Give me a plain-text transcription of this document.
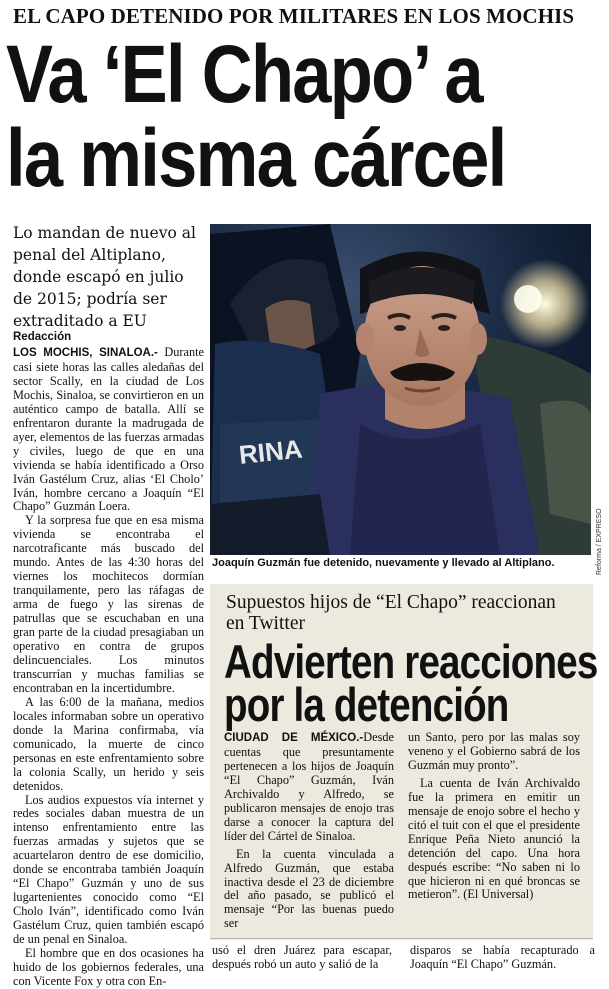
EL CAPO DETENIDO POR MILITARES EN LOS MOCHIS
Va ‘El Chapo’ a
la misma cárcel
Lo mandan de nuevo al penal del Altiplano, donde escapó en julio de 2015; podría ser extraditado a EU
Redacción

LOS MOCHIS, SINALOA.- Durante casi siete horas las calles aledañas del sector Scally, en la ciudad de Los Mochis, Sinaloa, se convirtieron en un auténtico campo de batalla. Allí se enfrentaron durante la madrugada de ayer, elementos de las fuerzas armadas y civiles, luego de que en una vivienda se había identificado a Orso Iván Gastélum Cruz, alias ‘El Cholo’ Iván, hombre cercano a Joaquín “El Chapo” Guzmán Loera.

Y la sorpresa fue que en esa misma vivienda se encontraba el narcotraficante más buscado del mundo. Antes de las 4:30 horas del viernes los mochitecos dormían tranquilamente, pero las ráfagas de arma de fuego y las sirenas de patrullas que se escuchaban en una gran parte de la ciudad presagiaban un operativo en contra de grupos delincuenciales. Los minutos transcurrían y muchas familias se encontraban en la incertidumbre.

A las 6:00 de la mañana, medios locales informaban sobre un operativo donde la Marina confirmaba, vía comunicado, la muerte de cinco personas en este enfrentamiento sobre la colonia Scally, un herido y seis detenidos.

Los audios expuestos vía internet y redes sociales daban muestra de un intenso enfrentamiento entre las fuerzas armadas y sujetos que se acuartelaron dentro de ese domicilio, donde se encontraba también Joaquín “El Chapo” Guzmán y uno de sus lugartenientes conocido como “El Cholo Iván”, identificado como Iván Gastélum Cruz, quien también escapó de un penal en Sinaloa.

El hombre que en dos ocasiones ha huido de los gobiernos federales, una con Vicente Fox y otra con En-

RINA
Reforma / EXPRESO
Joaquín Guzmán fue detenido, nuevamente y llevado al Altiplano.
Supuestos hijos de “El Chapo” reaccionan en Twitter
Advierten reacciones
por la detención

CIUDAD DE MÉXICO.-Desde cuentas que presuntamente pertenecen a los hijos de Joaquín “El Chapo” Guzmán, Iván Archivaldo y Alfredo, se publicaron mensajes de enojo tras darse a conocer la captura del líder del Cártel de Sinaloa.

En la cuenta vinculada a Alfredo Guzmán, que estaba inactiva desde el 23 de diciembre del año pasado, se publicó el mensaje “Por las buenas puedo ser

un Santo, pero por las malas soy veneno y el Gobierno sabrá de los Guzmán muy pronto”.

La cuenta de Iván Archivaldo fue la primera en emitir un mensaje de enojo sobre el hecho y citó el tuit con el que el presidente Enrique Peña Nieto anunció la detención del capo. Una hora después escribe: “No saben ni lo que hicieron ni en qué broncas se metieron”. (El Universal)

usó el dren Juárez para escapar, después robó un auto y salió de la

disparos se había recapturado a Joaquín “El Chapo” Guzmán.
